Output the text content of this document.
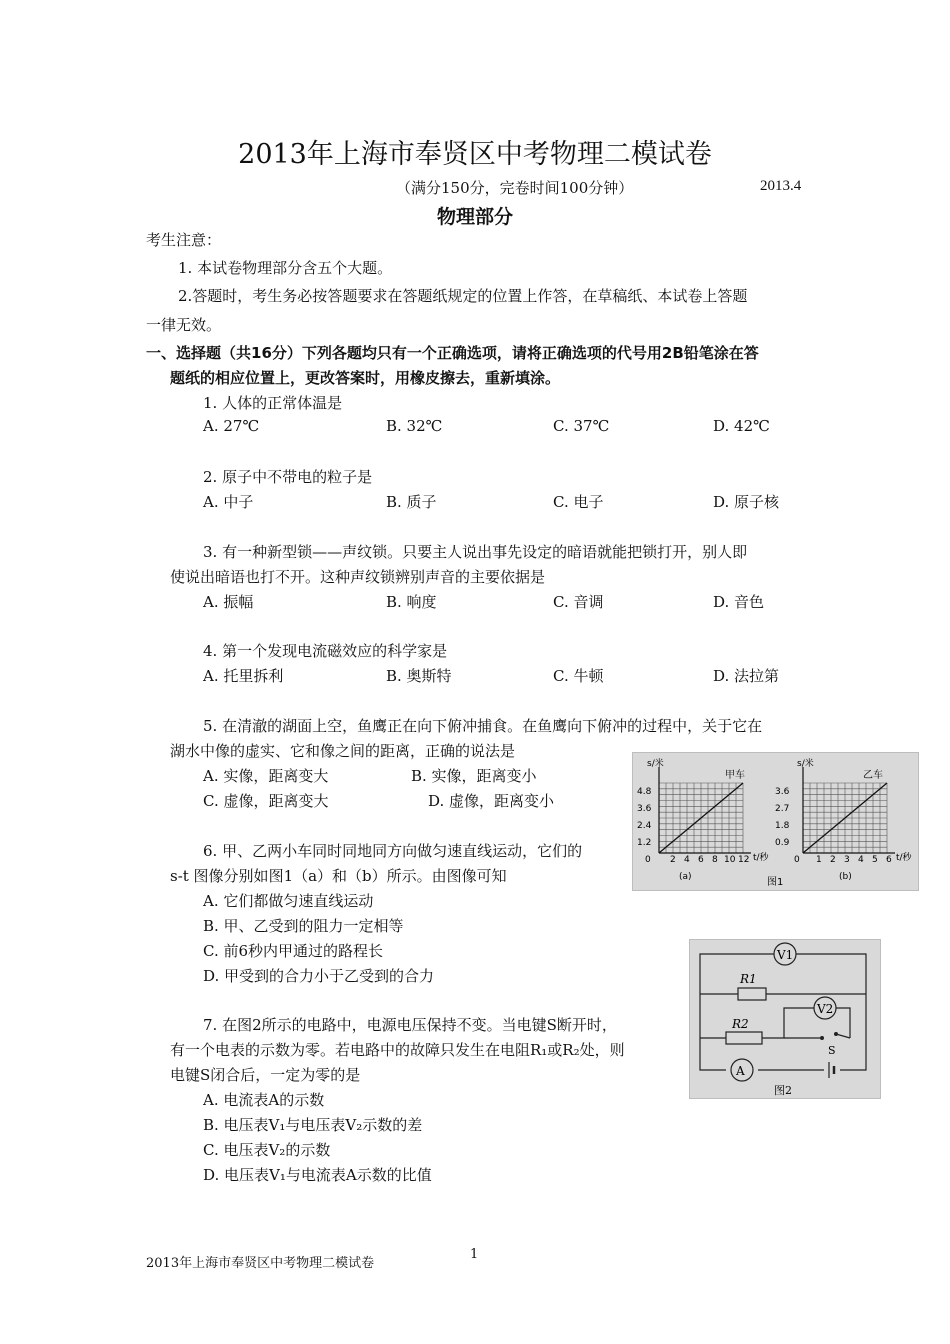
2013年上海市奉贤区中考物理二模试卷
（满分150分，完卷时间100分钟）	2013.4
物理部分
考生注意：
1. 本试卷物理部分含五个大题。
2.答题时，考生务必按答题要求在答题纸规定的位置上作答，在草稿纸、本试卷上答题
一律无效。
一、选择题（共16分）下列各题均只有一个正确选项，请将正确选项的代号用2B铅笔涂在答
题纸的相应位置上，更改答案时，用橡皮擦去，重新填涂。
1. 人体的正常体温是
A. 27℃	B. 32℃	C. 37℃	D. 42℃
2. 原子中不带电的粒子是
A. 中子	B. 质子	C. 电子	D. 原子核
3. 有一种新型锁——声纹锁。只要主人说出事先设定的暗语就能把锁打开，别人即
使说出暗语也打不开。这种声纹锁辨别声音的主要依据是
A. 振幅	B. 响度	C. 音调	D. 音色
4. 第一个发现电流磁效应的科学家是
A. 托里拆利	B. 奥斯特	C. 牛顿	D. 法拉第
5. 在清澈的湖面上空，鱼鹰正在向下俯冲捕食。在鱼鹰向下俯冲的过程中，关于它在
湖水中像的虚实、它和像之间的距离，正确的说法是
A. 实像，距离变大	B. 实像，距离变小
C. 虚像，距离变大	D. 虚像，距离变小
6. 甲、乙两小车同时同地同方向做匀速直线运动，它们的
s-t 图像分别如图1（a）和（b）所示。由图像可知
A. 它们都做匀速直线运动
B. 甲、乙受到的阻力一定相等
C. 前6秒内甲通过的路程长
D. 甲受到的合力小于乙受到的合力
7. 在图2所示的电路中，电源电压保持不变。当电键S断开时，
有一个电表的示数为零。若电路中的故障只发生在电阻R₁或R₂处，则
电键S闭合后，一定为零的是
A. 电流表A的示数
B. 电压表V₁与电压表V₂示数的差
C. 电压表V₂的示数
D. 电压表V₁与电流表A示数的比值
s/米
甲车
4.8
3.6
2.4
1.2
0 2 4 6 8 10 12 t/秒
(a)
s/米
乙车
3.6
2.7
1.8
0.9
0 1 2 3 4 5 6 t/秒
(b)
图1
V1
R1
V2
R2
S
A
图2
2013年上海市奉贤区中考物理二模试卷
1
